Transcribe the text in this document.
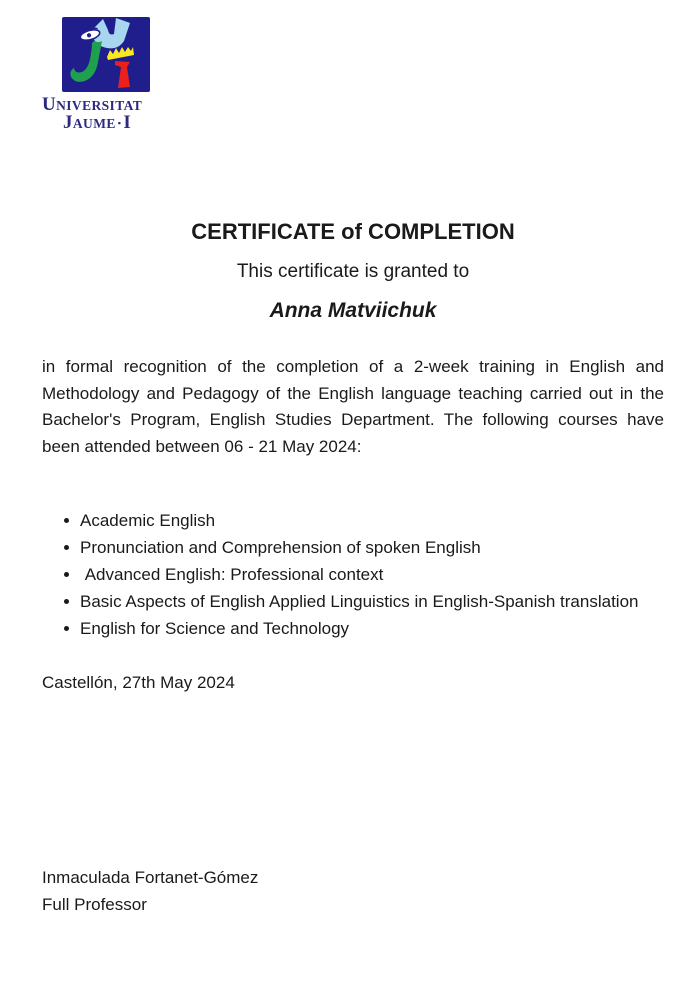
UNIVERSITAT
JAUME ▪ I
CERTIFICATE of COMPLETION
This certificate is granted to
Anna Matviichuk
in formal recognition of the completion of a 2-week training in English and Methodology and Pedagogy of the English language teaching carried out in the Bachelor's Program, English Studies Department. The following courses have been attended between 06 - 21 May 2024:
Academic English
Pronunciation and Comprehension of spoken English
Advanced English: Professional context
Basic Aspects of English Applied Linguistics in English-Spanish translation
English for Science and Technology
Castellón, 27th May 2024
Inmaculada Fortanet-Gómez
Full Professor
